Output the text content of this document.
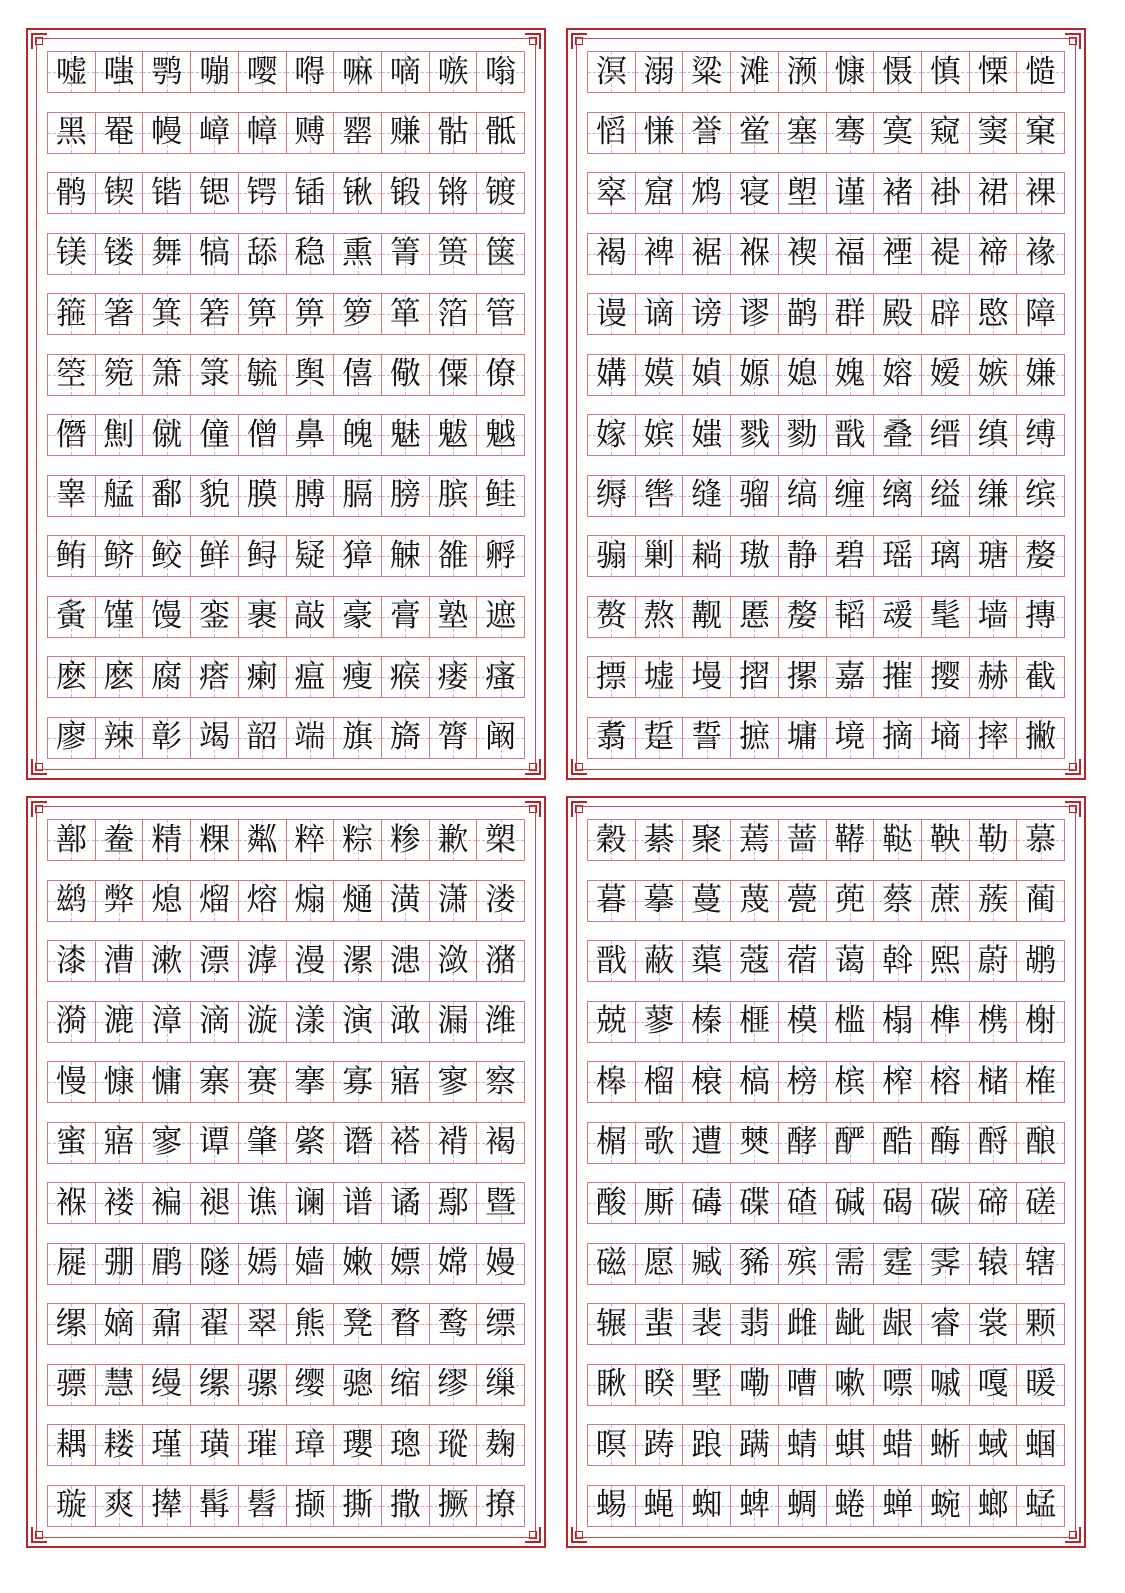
嘘 嗤 鹗 嘣 嘤 嘚 嘛 嘀 嗾 嗡
黑 罨 幔 嶂 幛 赙 罂 赚 骷 骶
鹘 锲 锴 锶 锷 锸 锹 锻 锵 镀
镁 镂 舞 犒 舔 稳 熏 箐 篑 箧
箍 箸 箕 箬 箅 箅 箩 箪 箔 管
箜 箢 箫 箓 毓 舆 僖 儆 僳 僚
僭 劁 僦 僮 僧 鼻 魄 魅 魃 魆
睾 艋 鄱 貌 膜 膊 膈 膀 膑 鲑
鲔 鲚 鲛 鲜 鲟 疑 獐 觫 雒 孵
夤 馑 馒 銮 裹 敲 豪 膏 塾 遮
麽 麽 腐 瘩 瘌 瘟 瘦 瘊 瘘 瘙
廖 辣 彰 竭 韶 端 旗 旖 膂 阚
溟 溺 粱 滩 滪 慷 慑 慎 慄 慥
慆 慊 誉 鲎 塞 骞 寞 窥 窦 窠
窣 窟 鸩 寝 塱 谨 褚 褂 裙 裸
褐 裨 裾 褓 褉 福 禋 褆 禘 褖
谩 谪 谤 谬 鹋 群 殿 辟 愍 障
媾 嫫 媜 嫄 媳 媿 嫆 嫒 嫉 嫌
嫁 嫔 媸 戮 勠 戬 叠 缙 缜 缚
缛 辔 缝 骝 缟 缠 缡 缢 缣 缤
骟 剿 耥 璈 静 碧 瑶 璃 瑭 嫠
赘 熬 觏 慝 嫠 韬 叆 髦 墙 摶
摽 墟 墁 摺 摞 嘉 摧 撄 赫 截
翥 踅 誓 摭 墉 境 摘 墒 摔 撇
鄯 鲞 精 粿 粼 粹 粽 糁 歉 槊
鹚 弊 熄 熘 熔 煽 熥 潢 潇 溇
漆 漕 漱 漂 滹 漫 漯 漶 潋 潴
漪 漉 漳 滴 漩 漾 演 澉 漏 潍
慢 慷 慵 寨 赛 搴 寡 寤 寥 察
蜜 寤 寥 谭 肇 綮 谮 褡 褙 褐
褓 褛 褊 褪 谯 谰 谱 谲 鄢 暨
屣 弸 鹛 隧 嫣 嫱 嫩 嫖 嫦 嫚
缧 嫡 鼐 翟 翠 熊 凳 瞀 鹜 缥
骠 慧 缦 缧 骡 缨 骢 缩 缪 缫
耦 耧 瑾 璜 璀 璋 瓔 璁 瑽 麹
璇 爽 撵 髯 髫 撷 撕 撒 撅 撩
穀 綦 聚 蔫 蔷 鞯 鞑 鞅 勒 慕
暮 摹 蔓 蔑 甍 蔸 蔡 蔗 蔟 蔺
戬 蔽 蕖 蔻 蓿 蔼 斡 熙 蔚 鹕
兢 蓼 榛 榧 模 槛 榻 榫 槜 榭
槔 榴 榱 槁 榜 槟 榨 榕 槠 榷
榍 歌 遭 僰 酵 酽 酷 酶 酹 酿
酸 厮 碡 碟 碴 碱 碣 碳 碲 磋
磁 愿 臧 豨 殡 需 霆 霁 辕 辖
辗 蜚 裴 翡 雌 龇 龈 睿 裳 颗
瞅 睽 墅 嘞 嘈 嗽 嘌 嘁 嘎 暖
暝 踌 踉 蹒 蜻 蜞 蜡 蜥 蜮 蝈
蜴 蝇 蜘 蜱 蜩 蜷 蝉 蜿 螂 蜢
